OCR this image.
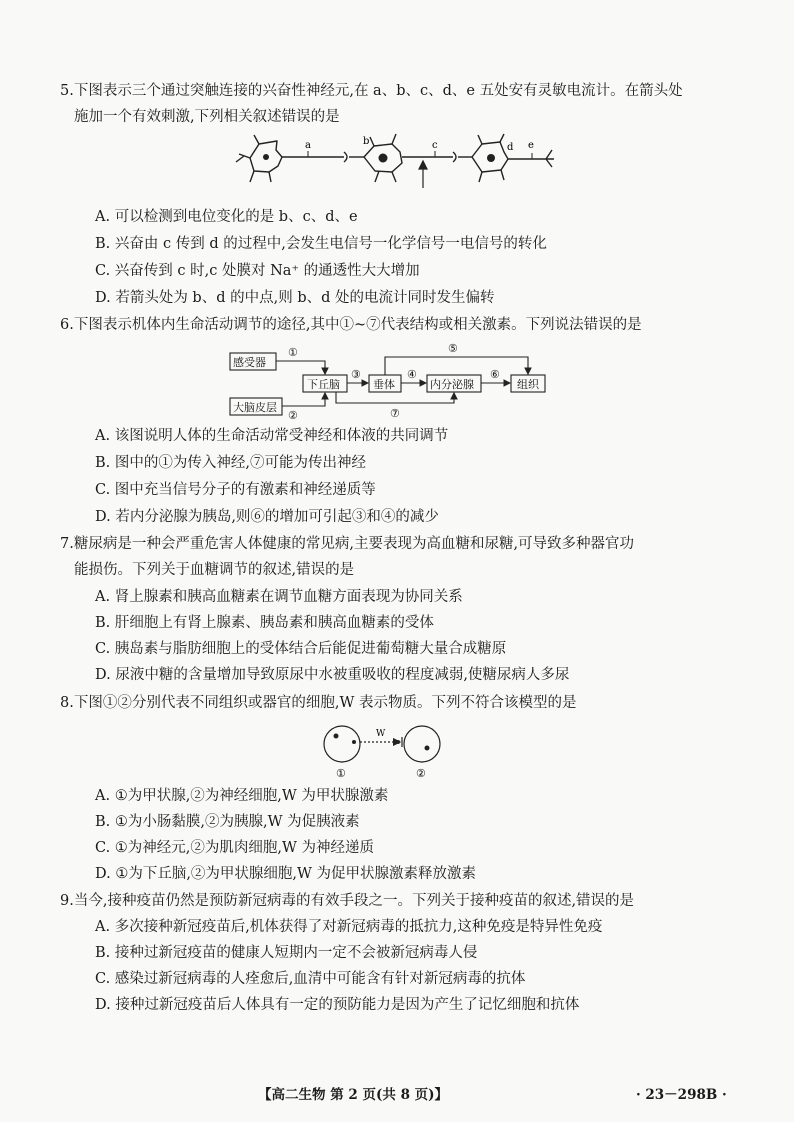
5.下图表示三个通过突触连接的兴奋性神经元,在 a、b、c、d、e 五处安有灵敏电流计。在箭头处

施加一个有效刺激,下列相关叙述错误的是

a	b	c	d e
A. 可以检测到电位变化的是 b、c、d、e
B. 兴奋由 c 传到 d 的过程中,会发生电信号一化学信号一电信号的转化
C. 兴奋传到 c 时,c 处膜对 Na⁺ 的通透性大大增加
D. 若箭头处为 b、d 的中点,则 b、d 处的电流计同时发生偏转

6.下图表示机体内生命活动调节的途径,其中①~⑦代表结构或相关激素。下列说法错误的是

感受器
大脑皮层
下丘脑	垂体	内分泌腺	组织
①
②
③	④
⑤
⑥
⑦
A. 该图说明人体的生命活动常受神经和体液的共同调节
B. 图中的①为传入神经,⑦可能为传出神经
C. 图中充当信号分子的有激素和神经递质等
D. 若内分泌腺为胰岛,则⑥的增加可引起③和④的减少

7.糖尿病是一种会严重危害人体健康的常见病,主要表现为高血糖和尿糖,可导致多种器官功

能损伤。下列关于血糖调节的叙述,错误的是

A. 肾上腺素和胰高血糖素在调节血糖方面表现为协同关系
B. 肝细胞上有肾上腺素、胰岛素和胰高血糖素的受体
C. 胰岛素与脂肪细胞上的受体结合后能促进葡萄糖大量合成糖原
D. 尿液中糖的含量增加导致原尿中水被重吸收的程度减弱,使糖尿病人多尿

8.下图①②分别代表不同组织或器官的细胞,W 表示物质。下列不符合该模型的是

W
①	②
A. ①为甲状腺,②为神经细胞,W 为甲状腺激素
B. ①为小肠黏膜,②为胰腺,W 为促胰液素
C. ①为神经元,②为肌肉细胞,W 为神经递质
D. ①为下丘脑,②为甲状腺细胞,W 为促甲状腺激素释放激素

9.当今,接种疫苗仍然是预防新冠病毒的有效手段之一。下列关于接种疫苗的叙述,错误的是

A. 多次接种新冠疫苗后,机体获得了对新冠病毒的抵抗力,这种免疫是特异性免疫
B. 接种过新冠疫苗的健康人短期内一定不会被新冠病毒人侵
C. 感染过新冠病毒的人痊愈后,血清中可能含有针对新冠病毒的抗体
D. 接种过新冠疫苗后人体具有一定的预防能力是因为产生了记忆细胞和抗体
【高二生物 第 2 页(共 8 页)】	· 23－298B ·
